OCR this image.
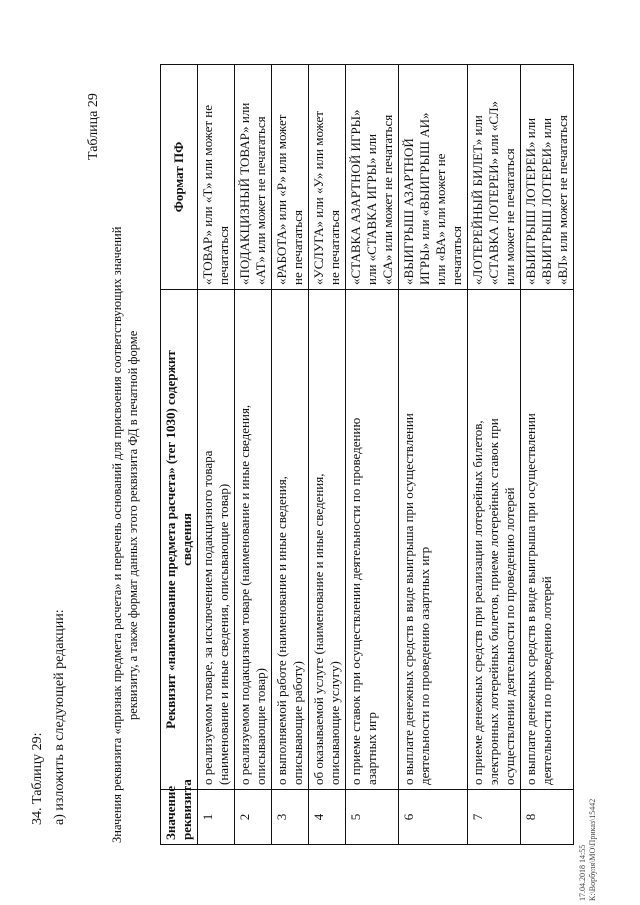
34. Таблицу 29: а) изложить в следующей редакции:
Таблица 29
Значения реквизита «признак предмета расчета» и перечень оснований для присвоения соответствующих значений реквизиту, а также формат данных этого реквизита ФД в печатной форме
Значение реквизита	Реквизит «наименование предмета расчета» (тег 1030) содержит сведения	Формат ПФ
1	о реализуемом товаре, за исключением подакцизного товара (наименование и иные сведения, описывающие товар)	«ТОВАР» или «Т» или может не печататься

2	о реализуемом подакцизном товаре (наименование и иные сведения, описывающие товар)	«ПОДАКЦИЗНЫЙ ТОВАР» или «АТ» или может не печататься

3	о выполняемой работе (наименование и иные сведения, описывающие работу)	«РАБОТА» или «Р» или может не печататься

4	об оказываемой услуге (наименование и иные сведения, описывающие услугу)	«УСЛУГА» или «У» или может не печататься

5	о приеме ставок при осуществлении деятельности по проведению азартных игр	«СТАВКА АЗАРТНОЙ ИГРЫ» или «СТАВКА ИГРЫ» или «СА» или может не печататься

6	о выплате денежных средств в виде выигрыша при осуществлении деятельности по проведению азартных игр	«ВЫИГРЫШ АЗАРТНОЙ ИГРЫ» или «ВЫИГРЫШ АИ» или «ВА» или может не печататься

7	о приеме денежных средств при реализации лотерейных билетов, электронных лотерейных билетов, приеме лотерейных ставок при осуществлении деятельности по проведению лотерей	«ЛОТЕРЕЙНЫЙ БИЛЕТ» или «СТАВКА ЛОТЕРЕИ» или «СЛ» или может не печататься

8	о выплате денежных средств в виде выигрыша при осуществлении деятельности по проведению лотерей	«ВЫИГРЫШ ЛОТЕРЕИ» или «ВЫИГРЫШ ЛОТЕРЕИ» или «ВЛ» или может не печататься
17.04.2018 14:55 К:\Ворбуля\МО\Приказ\15442
